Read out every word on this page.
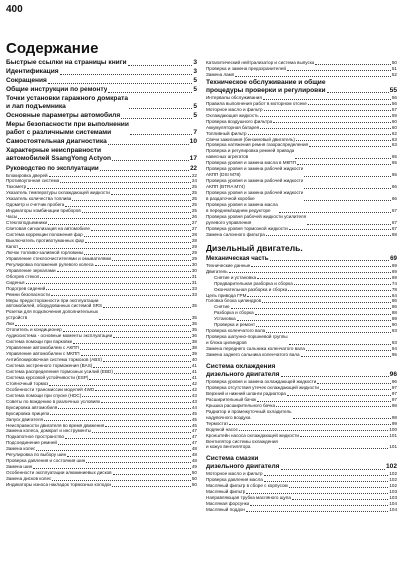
400
Содержание
Быстрые ссылки на страницы книги	3
Идентификация	3
Сокращения	5
Общие инструкции по ремонту	5
Точки установки гаражного домкрата
и лап подъемника	5
Основные параметры автомобиля	5
Меры безопасности при выполнении
работ с различными системами	7
Самостоятельная диагностика	10
Характерные неисправности
автомобилей SsangYong Actyon	17
Руководство по эксплуатации	22
Блокировка дверей	22
Противоугонная система	24
Тахометр	25
Указатель температуры охлаждающей жидкости	25
Указатель количества топлива	25
Одометр и счетчик пробега	25
Индикаторы комбинации приборов	25
Часы	26
Стеклоподъемники	27
Световая сигнализация на автомобиле	27
Система коррекции положения фар	28
Выключатель противотуманных фар	28
Капот	29
Лючок топливо-заливной горловины	29
Управление стеклоочистителями и омывателями	29
Регулировка положения рулевого колеса	30
Управление зеркалами	30
Обогрев стекол	31
Сиденья	31
Подогрев сидений	33
Ремни безопасности	33
Меры предосторожности при эксплуатации
автомобилей, оборудованных системой SRS	35
Розетки для подключения дополнительных
устройств	35
Люк	35
Отопитель и кондиционер	35
Аудиосистема - основные моменты эксплуатации	36
Система помощи при парковке	38
Управление автомобилем с АКПП	38
Управление автомобилем с МКПП	39
Антиблокировочная система тормозов (ABS)	40
Система экстренного торможения (BAS)	41
Система распределения тормозных усилий (EBD)	41
Система курсовой устойчивости (ESP)	41
Стояночный тормоз	42
Особенности трансмиссии моделей 4WD	42
Система помощи при спуске (HDC)	43
Советы по вождению в различных условиях	43
Буксировка автомобиля	44
Буксировка прицепа	45
Запуск двигателя	45
Неисправности двигателя во время движения	45
Замена колеса, домкрат и инструменты	47
Подкапотное пространство	47
Подсоединение ремней	47
Замена колес	48
Регулировка по выбору шин	48
Проверка давления и состояния шин	48
Замена шин	49
Особенности эксплуатации алюминиевых дисков	50
Замена дисков колес	50
Индикаторы износа накладок тормозных колодок	50
Каталитический нейтрализатор и система выпуска	50
Проверка и замена предохранителей	51
Замена ламп	52
Техническое обслуживание и общие
процедуры проверки и регулировки	55
Интервалы обслуживания	56
Правила выполнения работ в моторном отсеке	56
Моторное масло и фильтр	57
Охлаждающая жидкость	59
Проверка воздушного фильтра	60
Аккумуляторная батарея	60
Топливный фильтр	62
Свечи зажигания (бензиновый двигатель)	63
Проверка натяжения ремня газораспределения	63
Проверка и регулировка ремней привода
навесных агрегатов	65
Проверка уровня и замена масла в МКПП	65
Проверка уровня и замена рабочей жидкости
АКПП (DSI M78)	65
Проверка уровня и замена рабочей жидкости
АКПП (BTRA M74)	66
Проверка уровня и замена рабочей жидкости
в раздаточной коробке	66
Проверка уровня и замена масла
в переднем/заднем редукторе	67
Проверка уровня рабочей жидкости усилителя
рулевого управления	67
Проверка уровня тормозной жидкости	67
Замена салонного фильтра	68
Дизельный двигатель.
Механическая часть	69
Технические данные	69
Двигатель	69
Снятие и установка	69
Предварительная разборка и сборка	74
Окончательная разборка и сборка	78
Цепь привода ГРМ	84
Головка блока цилиндров	86
Снятие	86
Разборка и сборка	88
Установка	89
Проверка и ремонт	90
Проверка коленчатого вала	93
Проверка шатунно-поршневой группы
и блока цилиндров	93
Замена переднего сальника коленчатого вала	94
Замена заднего сальника коленчатого вала	95
Система охлаждения
дизельного двигателя	96
Проверка уровня и замена охлаждающей жидкости	96
Проверка отсутствия утечек охлаждающей жидкости	97
Верхний и нижний шланги радиатора	97
Расширительный бачок	97
Крышка расширительного бачка	98
Радиатор и промежуточный охладитель
надувочного воздуха	98
Термостат	99
Водяной насос	100
Кронштейн насоса охлаждающей жидкости	101
Вентилятор системы охлаждения
и кожух вентилятора	101
Система смазки
дизельного двигателя	102
Моторное масло и фильтр	102
Проверка давления масла	102
Масляный фильтр в сборе с корпусом	102
Масляный фильтр	103
Направляющая трубка масляного щупа	103
Масляная форсунка	104
Масляный поддон	104
